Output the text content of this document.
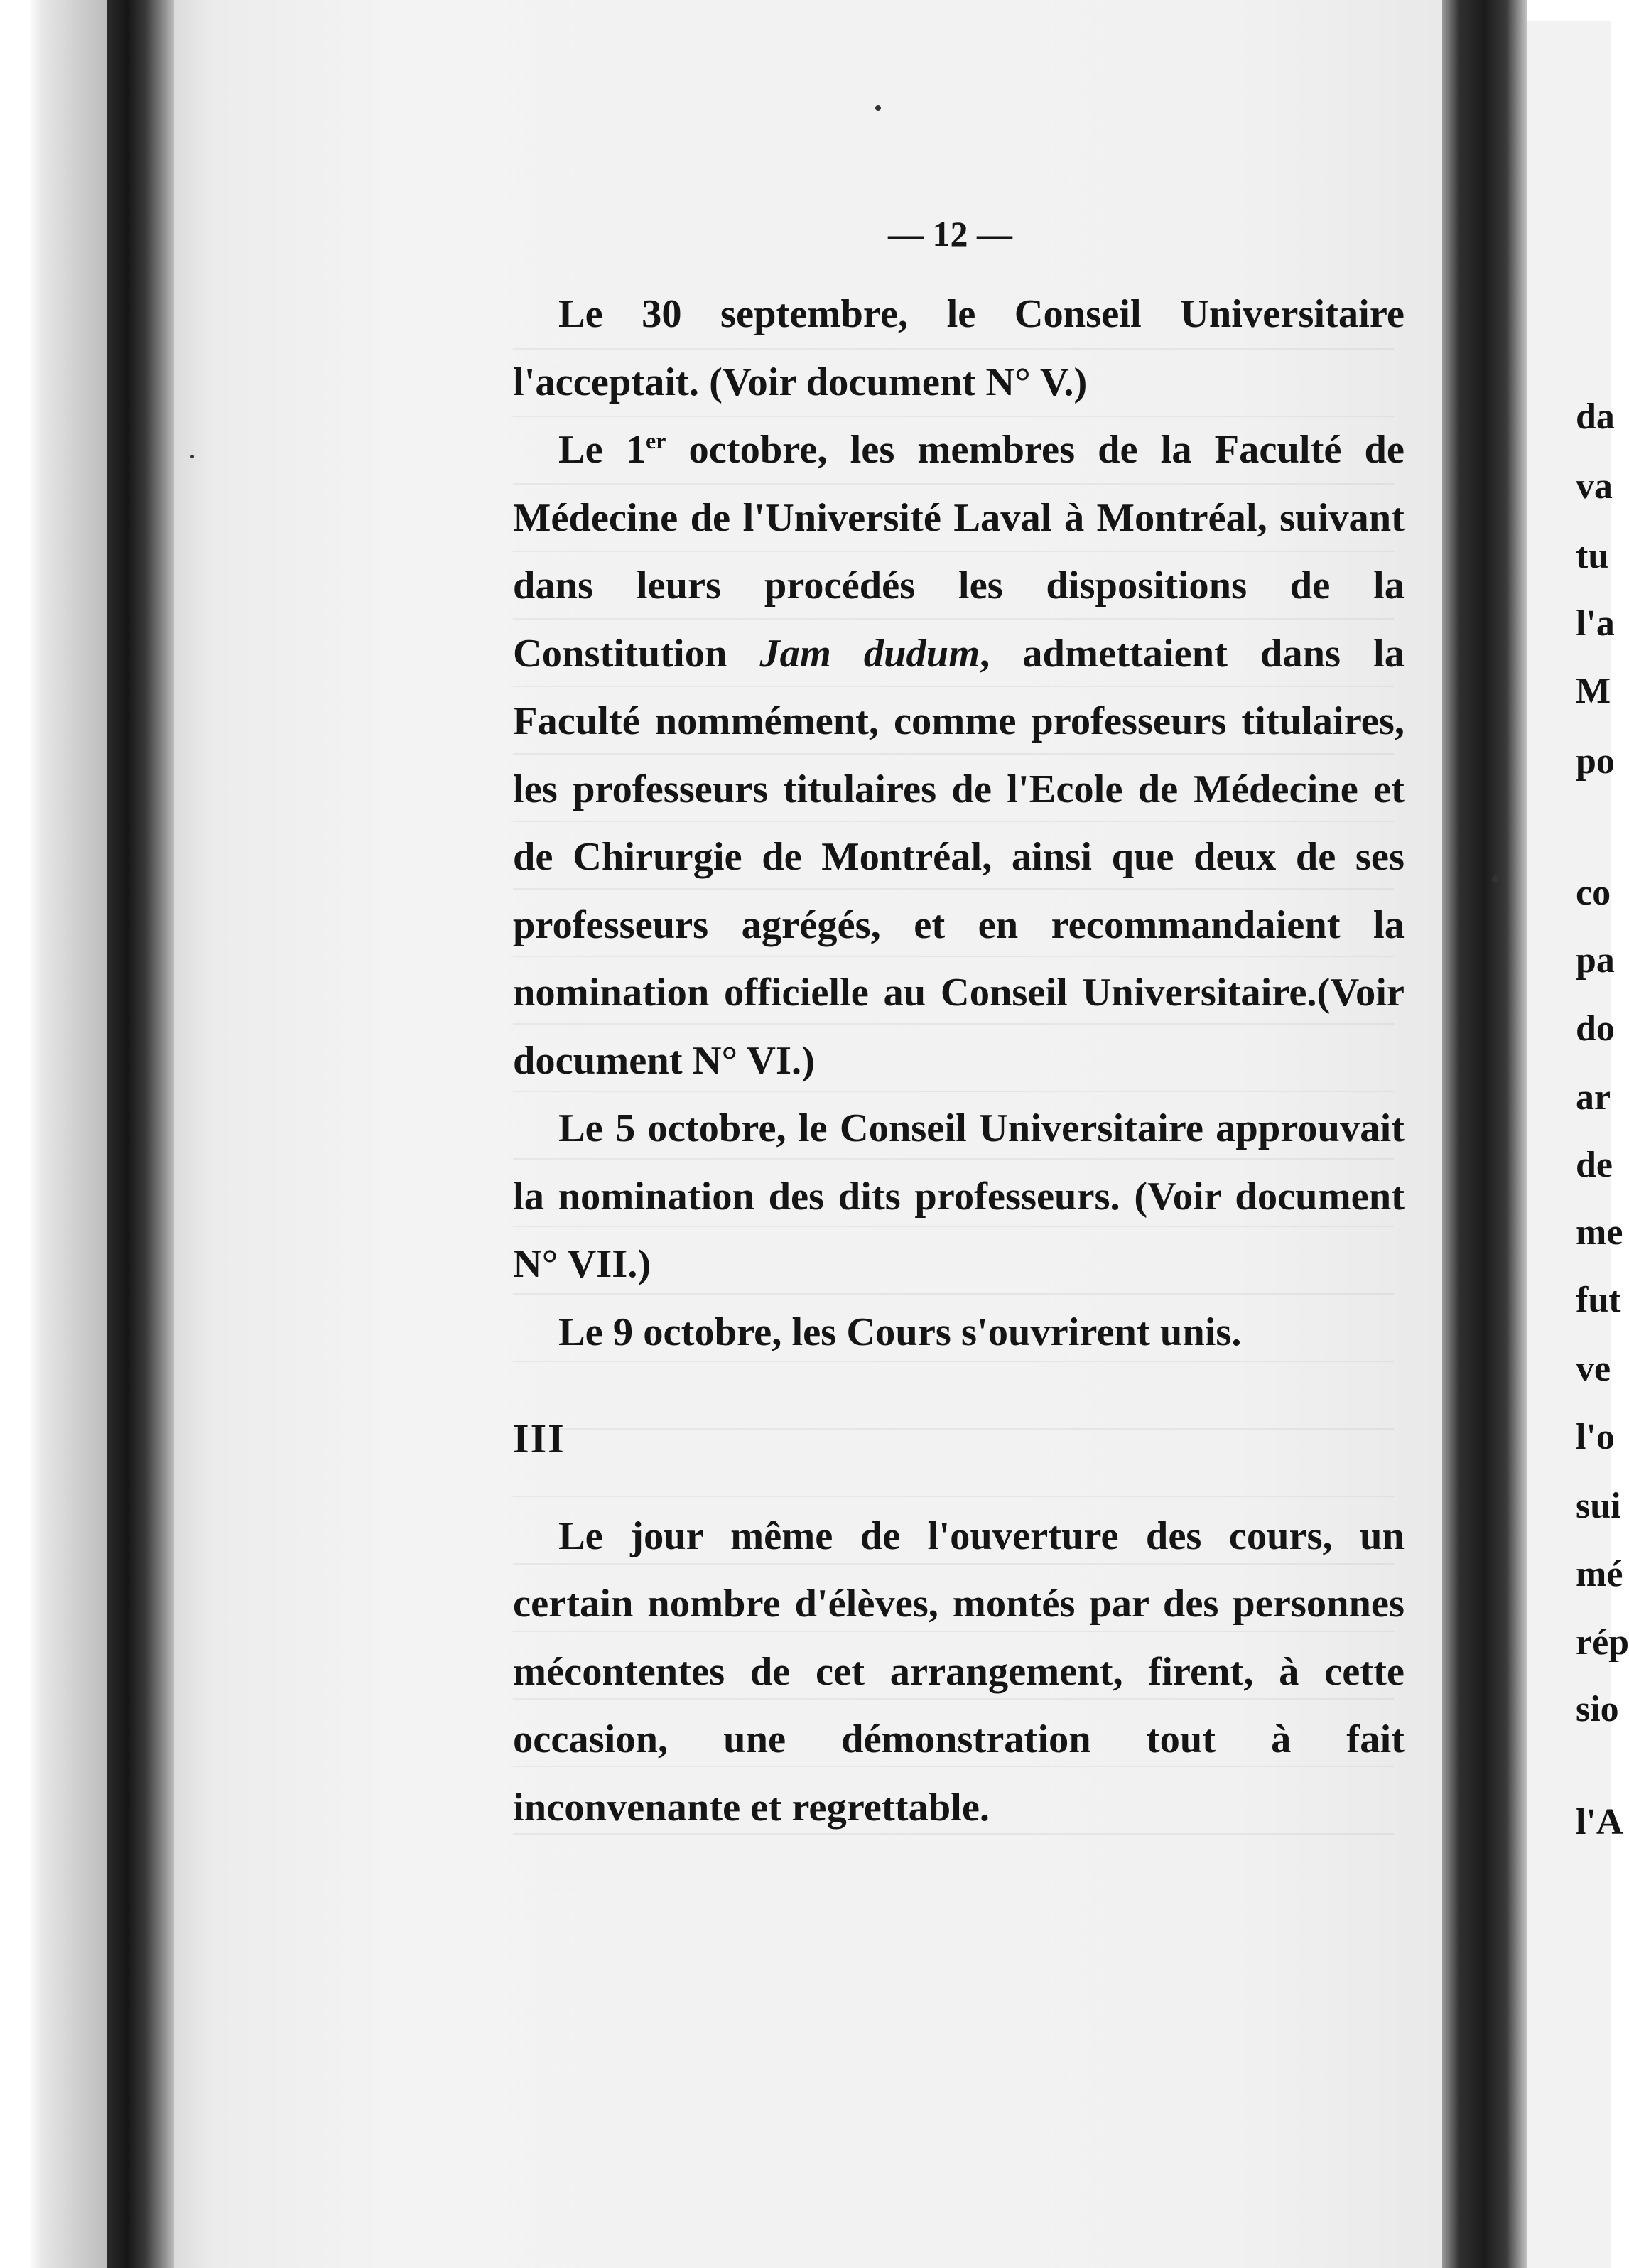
— 12 —

Le 30 septembre, le Conseil Universitaire l'acceptait. (Voir document N° V.)

Le 1er octobre, les membres de la Faculté de Médecine de l'Université Laval à Montréal, suivant dans leurs procédés les dispositions de la Constitution Jam dudum, admettaient dans la Faculté nommément, comme professeurs titulaires, les professeurs titulaires de l'Ecole de Médecine et de Chirurgie de Montréal, ainsi que deux de ses professeurs agrégés, et en recommandaient la nomination officielle au Conseil Universitaire.(Voir document N° VI.)

Le 5 octobre, le Conseil Universitaire approuvait la nomination des dits professeurs. (Voir document N° VII.)

Le 9 octobre, les Cours s'ouvrirent unis.

III

Le jour même de l'ouverture des cours, un certain nombre d'élèves, montés par des personnes mécontentes de cet arrangement, firent, à cette occasion, une démonstration tout à fait inconvenante et regrettable.

da
va
tu
l'a
M
po
co
pa
do
ar
de
me
fut
ve
l'o
sui
mé
rép
sio
l'A
